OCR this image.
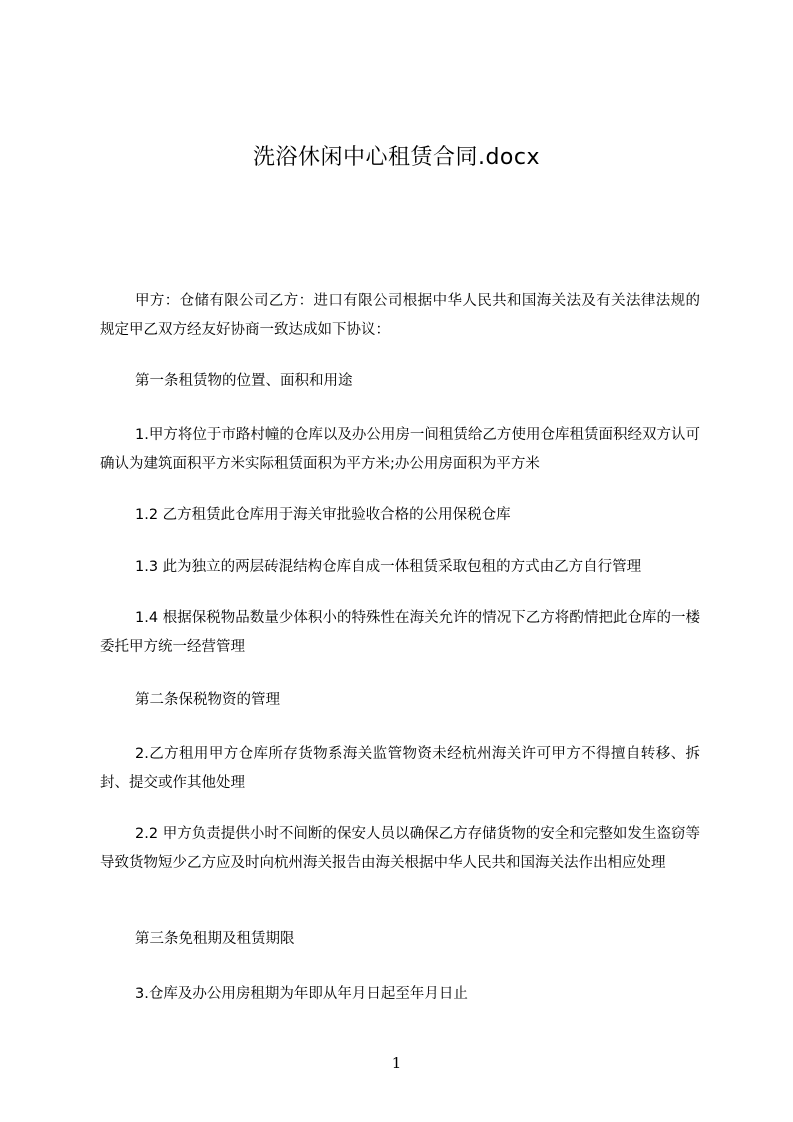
洗浴休闲中心租赁合同.docx

甲方：仓储有限公司乙方：进口有限公司根据中华人民共和国海关法及有关法律法规的规定甲乙双方经友好协商一致达成如下协议：

第一条租赁物的位置、面积和用途

1.甲方将位于市路村幢的仓库以及办公用房一间租赁给乙方使用仓库租赁面积经双方认可确认为建筑面积平方米实际租赁面积为平方米;办公用房面积为平方米

1.2 乙方租赁此仓库用于海关审批验收合格的公用保税仓库

1.3 此为独立的两层砖混结构仓库自成一体租赁采取包租的方式由乙方自行管理

1.4 根据保税物品数量少体积小的特殊性在海关允许的情况下乙方将酌情把此仓库的一楼委托甲方统一经营管理

第二条保税物资的管理

2.乙方租用甲方仓库所存货物系海关监管物资未经杭州海关许可甲方不得擅自转移、拆封、提交或作其他处理

2.2 甲方负责提供小时不间断的保安人员以确保乙方存储货物的安全和完整如发生盗窃等导致货物短少乙方应及时向杭州海关报告由海关根据中华人民共和国海关法作出相应处理

第三条免租期及租赁期限

3.仓库及办公用房租期为年即从年月日起至年月日止

1
